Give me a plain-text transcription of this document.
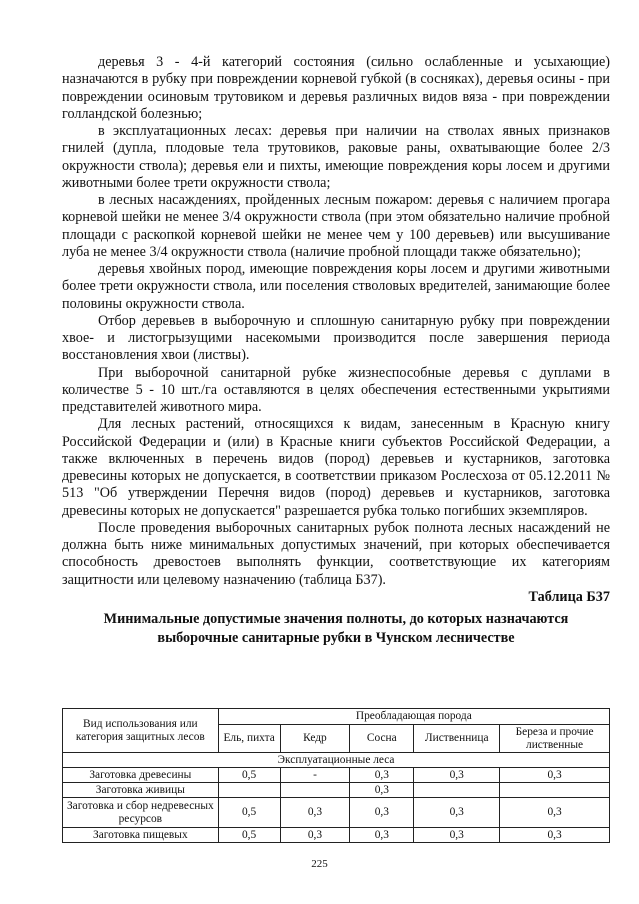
деревья 3 - 4-й категорий состояния (сильно ослабленные и усыхающие) назначаются в рубку при повреждении корневой губкой (в сосняках), деревья осины - при повреждении осиновым трутовиком и деревья различных видов вяза - при повреждении голландской болезнью;

в эксплуатационных лесах: деревья при наличии на стволах явных признаков гнилей (дупла, плодовые тела трутовиков, раковые раны, охватывающие более 2/3 окружности ствола); деревья ели и пихты, имеющие повреждения коры лосем и другими животными более трети окружности ствола;

в лесных насаждениях, пройденных лесным пожаром: деревья с наличием прогара корневой шейки не менее 3/4 окружности ствола (при этом обязательно наличие пробной площади с раскопкой корневой шейки не менее чем у 100 деревьев) или высушивание луба не менее 3/4 окружности ствола (наличие пробной площади также обязательно);

деревья хвойных пород, имеющие повреждения коры лосем и другими животными более трети окружности ствола, или поселения стволовых вредителей, занимающие более половины окружности ствола.

Отбор деревьев в выборочную и сплошную санитарную рубку при повреждении хвое- и листогрызущими насекомыми производится после завершения периода восстановления хвои (листвы).

При выборочной санитарной рубке жизнеспособные деревья с дуплами в количестве 5 - 10 шт./га оставляются в целях обеспечения естественными укрытиями представителей животного мира.

Для лесных растений, относящихся к видам, занесенным в Красную книгу Российской Федерации и (или) в Красные книги субъектов Российской Федерации, а также включенных в перечень видов (пород) деревьев и кустарников, заготовка древесины которых не допускается, в соответствии приказом Рослесхоза от 05.12.2011 № 513 "Об утверждении Перечня видов (пород) деревьев и кустарников, заготовка древесины которых не допускается" разрешается рубка только погибших экземпляров.

После проведения выборочных санитарных рубок полнота лесных насаждений не должна быть ниже минимальных допустимых значений, при которых обеспечивается способность древостоев выполнять функции, соответствующие их категориям защитности или целевому назначению (таблица Б37).

Таблица Б37
Минимальные допустимые значения полноты, до которых назначаются выборочные санитарные рубки в Чунском лесничестве
Вид использования или категория защитных лесов	Преобладающая порода				
	Ель, пихта	Кедр	Сосна	Лиственница	Береза и прочие лиственные
Эксплуатационные леса					
Заготовка древесины	0,5	-	0,3	0,3	0,3
Заготовка живицы			0,3		
Заготовка и сбор недревесных ресурсов	0,5	0,3	0,3	0,3	0,3
Заготовка пищевых	0,5	0,3	0,3	0,3	0,3
225
